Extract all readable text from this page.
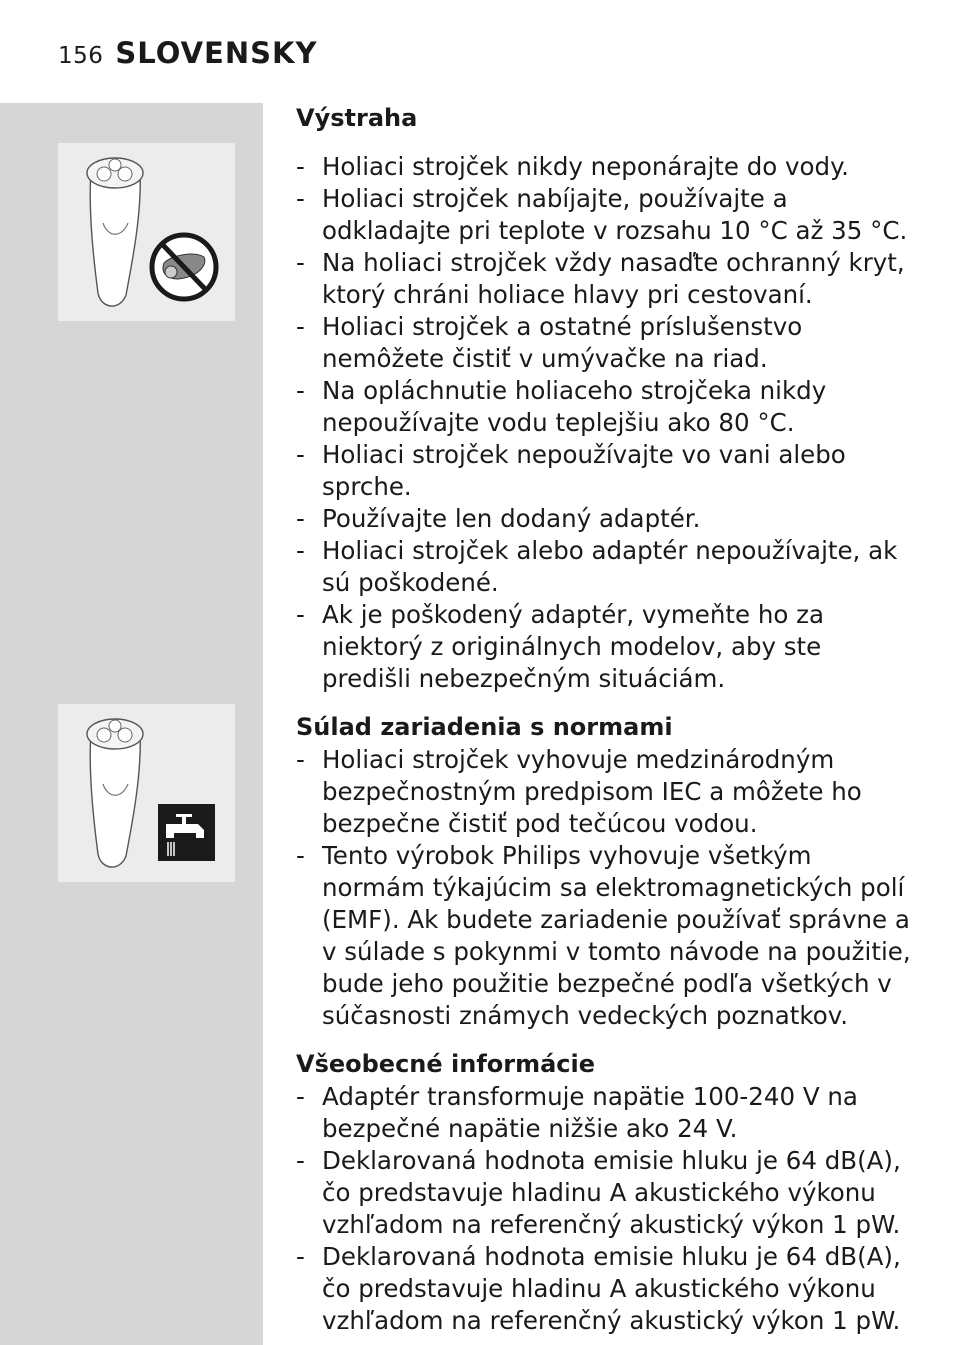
156 SLOVENSKY
Výstraha
- Holiaci strojček nikdy neponárajte do vody.
- Holiaci strojček nabíjajte, používajte a odkladajte pri teplote v rozsahu 10 °C až 35 °C.
- Na holiaci strojček vždy nasaďte ochranný kryt, ktorý chráni holiace hlavy pri cestovaní.
- Holiaci strojček a ostatné príslušenstvo nemôžete čistiť v umývačke na riad.
- Na opláchnutie holiaceho strojčeka nikdy nepoužívajte vodu teplejšiu ako 80 °C.
- Holiaci strojček nepoužívajte vo vani alebo sprche.
- Používajte len dodaný adaptér.
- Holiaci strojček alebo adaptér nepoužívajte, ak sú poškodené.
- Ak je poškodený adaptér, vymeňte ho za niektorý z originálnych modelov, aby ste predišli nebezpečným situáciám.
Súlad zariadenia s normami
- Holiaci strojček vyhovuje medzinárodným bezpečnostným predpisom IEC a môžete ho bezpečne čistiť pod tečúcou vodou.
- Tento výrobok Philips vyhovuje všetkým normám týkajúcim sa elektromagnetických polí (EMF). Ak budete zariadenie používať správne a v súlade s pokynmi v tomto návode na použitie, bude jeho použitie bezpečné podľa všetkých v súčasnosti známych vedeckých poznatkov.
Všeobecné informácie
- Adaptér transformuje napätie 100-240 V na bezpečné napätie nižšie ako 24 V.
- Deklarovaná hodnota emisie hluku je 64 dB(A), čo predstavuje hladinu A akustického výkonu vzhľadom na referenčný akustický výkon 1 pW.
- Deklarovaná hodnota emisie hluku je 64 dB(A), čo predstavuje hladinu A akustického výkonu vzhľadom na referenčný akustický výkon 1 pW.
